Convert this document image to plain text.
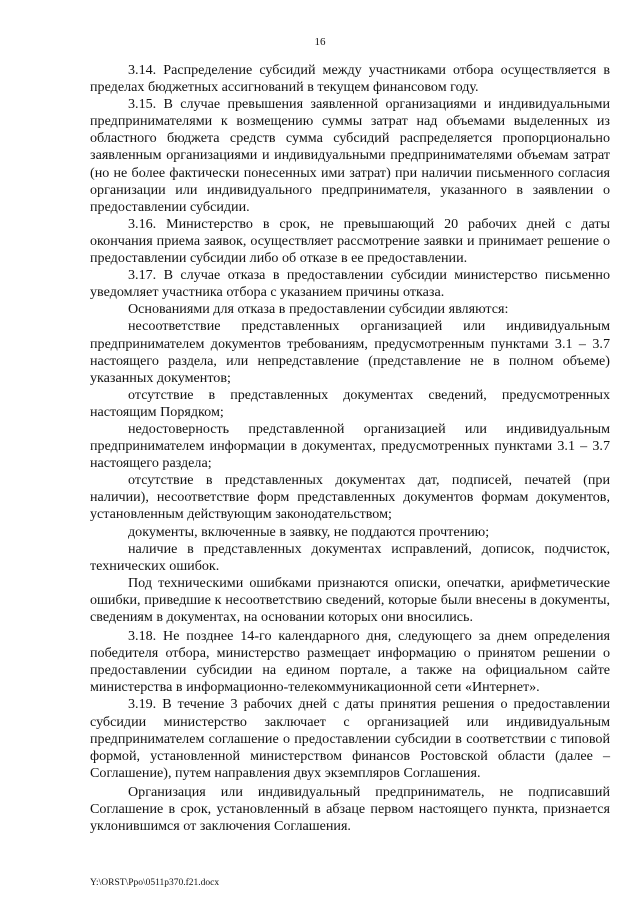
16

3.14. Распределение субсидий между участниками отбора осуществляется в пределах бюджетных ассигнований в текущем финансовом году.

3.15. В случае превышения заявленной организациями и индивидуальными предпринимателями к возмещению суммы затрат над объемами выделенных из областного бюджета средств сумма субсидий распределяется пропорционально заявленным организациями и индивидуальными предпринимателями объемам затрат (но не более фактически понесенных ими затрат) при наличии письменного согласия организации или индивидуального предпринимателя, указанного в заявлении о предоставлении субсидии.

3.16. Министерство в срок, не превышающий 20 рабочих дней с даты окончания приема заявок, осуществляет рассмотрение заявки и принимает решение о предоставлении субсидии либо об отказе в ее предоставлении.

3.17. В случае отказа в предоставлении субсидии министерство письменно уведомляет участника отбора с указанием причины отказа.

Основаниями для отказа в предоставлении субсидии являются:

несоответствие представленных организацией или индивидуальным предпринимателем документов требованиям, предусмотренным пунктами 3.1 – 3.7 настоящего раздела, или непредставление (представление не в полном объеме) указанных документов;

отсутствие в представленных документах сведений, предусмотренных настоящим Порядком;

недостоверность представленной организацией или индивидуальным предпринимателем информации в документах, предусмотренных пунктами 3.1 – 3.7 настоящего раздела;

отсутствие в представленных документах дат, подписей, печатей (при наличии), несоответствие форм представленных документов формам документов, установленным действующим законодательством;

документы, включенные в заявку, не поддаются прочтению;

наличие в представленных документах исправлений, дописок, подчисток, технических ошибок.

Под техническими ошибками признаются описки, опечатки, арифметические ошибки, приведшие к несоответствию сведений, которые были внесены в документы, сведениям в документах, на основании которых они вносились.

3.18. Не позднее 14-го календарного дня, следующего за днем определения победителя отбора, министерство размещает информацию о принятом решении о предоставлении субсидии на едином портале, а также на официальном сайте министерства в информационно-телекоммуникационной сети «Интернет».

3.19. В течение 3 рабочих дней с даты принятия решения о предоставлении субсидии министерство заключает с организацией или индивидуальным предпринимателем соглашение о предоставлении субсидии в соответствии с типовой формой, установленной министерством финансов Ростовской области (далее – Соглашение), путем направления двух экземпляров Соглашения.

Организация или индивидуальный предприниматель, не подписавший Соглашение в срок, установленный в абзаце первом настоящего пункта, признается уклонившимся от заключения Соглашения.

Y:\ORST\Ppo\0511p370.f21.docx
